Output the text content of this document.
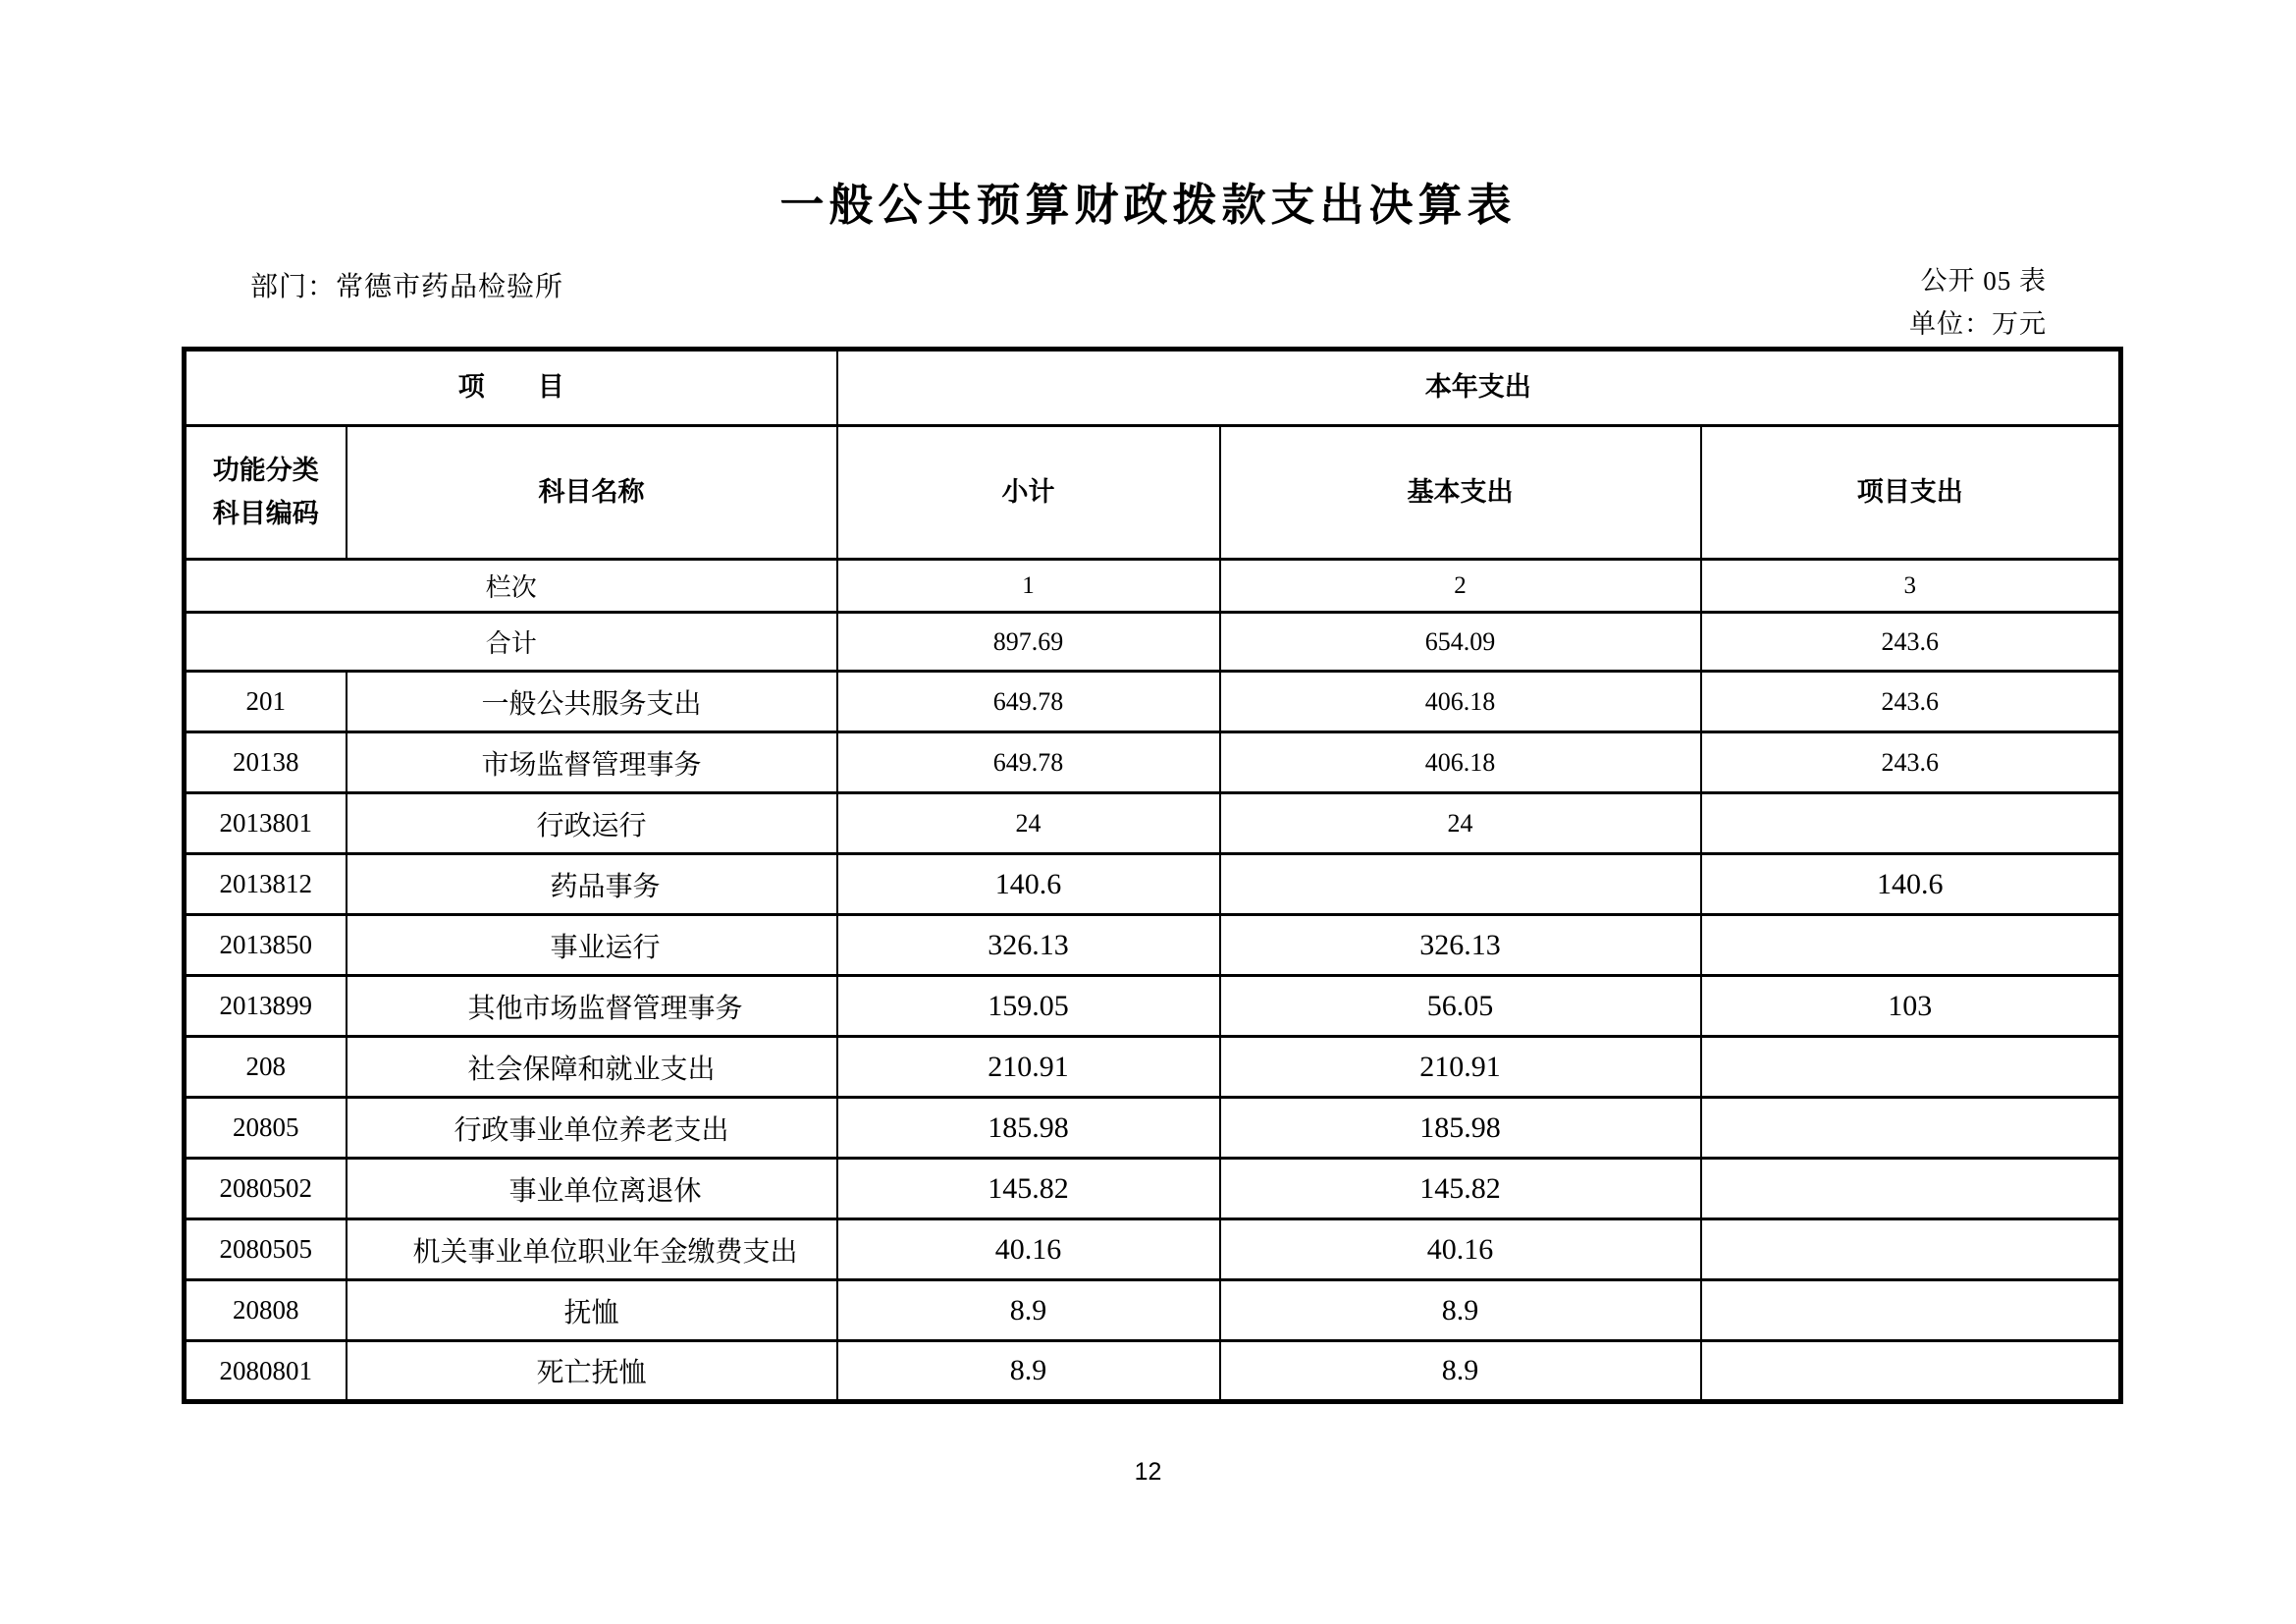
一般公共预算财政拨款支出决算表
部门：常德市药品检验所	公开 05 表
单位：万元
项　　目		本年支出		
功能分类
科目编码	科目名称	小计	基本支出	项目支出
栏次		1	2	3
合计		897.69	654.09	243.6
201	一般公共服务支出	649.78	406.18	243.6
20138	市场监督管理事务	649.78	406.18	243.6
2013801	行政运行	24	24	
2013812	　药品事务	140.6		140.6
2013850	　事业运行	326.13	326.13	
2013899	　其他市场监督管理事务	159.05	56.05	103
208	社会保障和就业支出	210.91	210.91	
20805	行政事业单位养老支出	185.98	185.98	
2080502	　事业单位离退休	145.82	145.82	
2080505	　机关事业单位职业年金缴费支出	40.16	40.16	
20808	抚恤	8.9	8.9	
2080801	死亡抚恤	8.9	8.9	
12
